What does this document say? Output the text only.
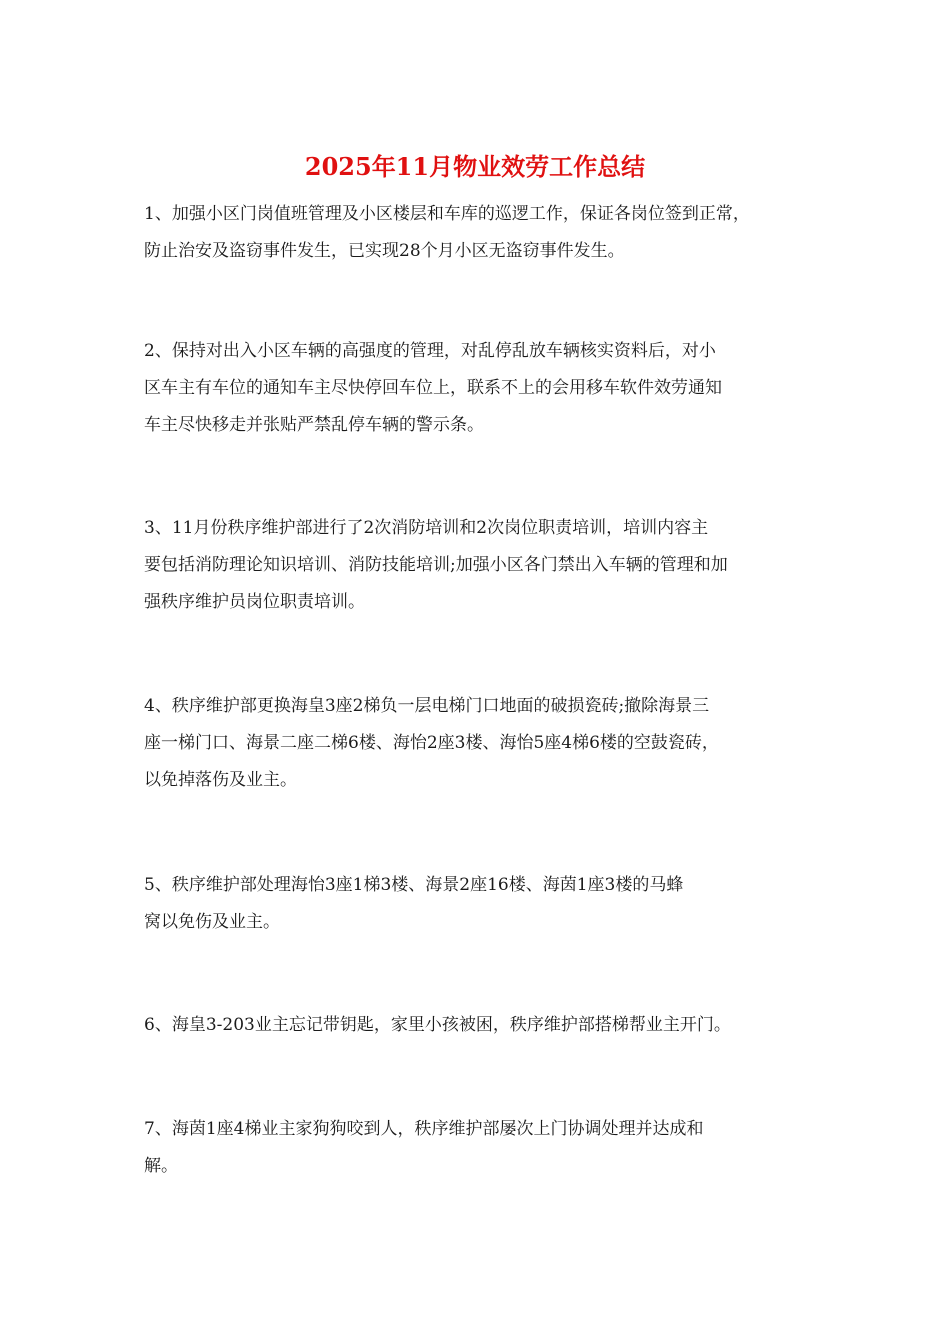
2025年11月物业效劳工作总结

1、加强小区门岗值班管理及小区楼层和车库的巡逻工作，保证各岗位签到正常，
防止治安及盗窃事件发生，已实现28个月小区无盗窃事件发生。

2、保持对出入小区车辆的高强度的管理，对乱停乱放车辆核实资料后，对小
区车主有车位的通知车主尽快停回车位上，联系不上的会用移车软件效劳通知
车主尽快移走并张贴严禁乱停车辆的警示条。

3、11月份秩序维护部进行了2次消防培训和2次岗位职责培训，培训内容主
要包括消防理论知识培训、消防技能培训;加强小区各门禁出入车辆的管理和加
强秩序维护员岗位职责培训。

4、秩序维护部更换海皇3座2梯负一层电梯门口地面的破损瓷砖;撤除海景三
座一梯门口、海景二座二梯6楼、海怡2座3楼、海怡5座4梯6楼的空鼓瓷砖，
以免掉落伤及业主。

5、秩序维护部处理海怡3座1梯3楼、海景2座16楼、海茵1座3楼的马蜂
窝以免伤及业主。

6、海皇3-203业主忘记带钥匙，家里小孩被困，秩序维护部搭梯帮业主开门。

7、海茵1座4梯业主家狗狗咬到人，秩序维护部屡次上门协调处理并达成和
解。
